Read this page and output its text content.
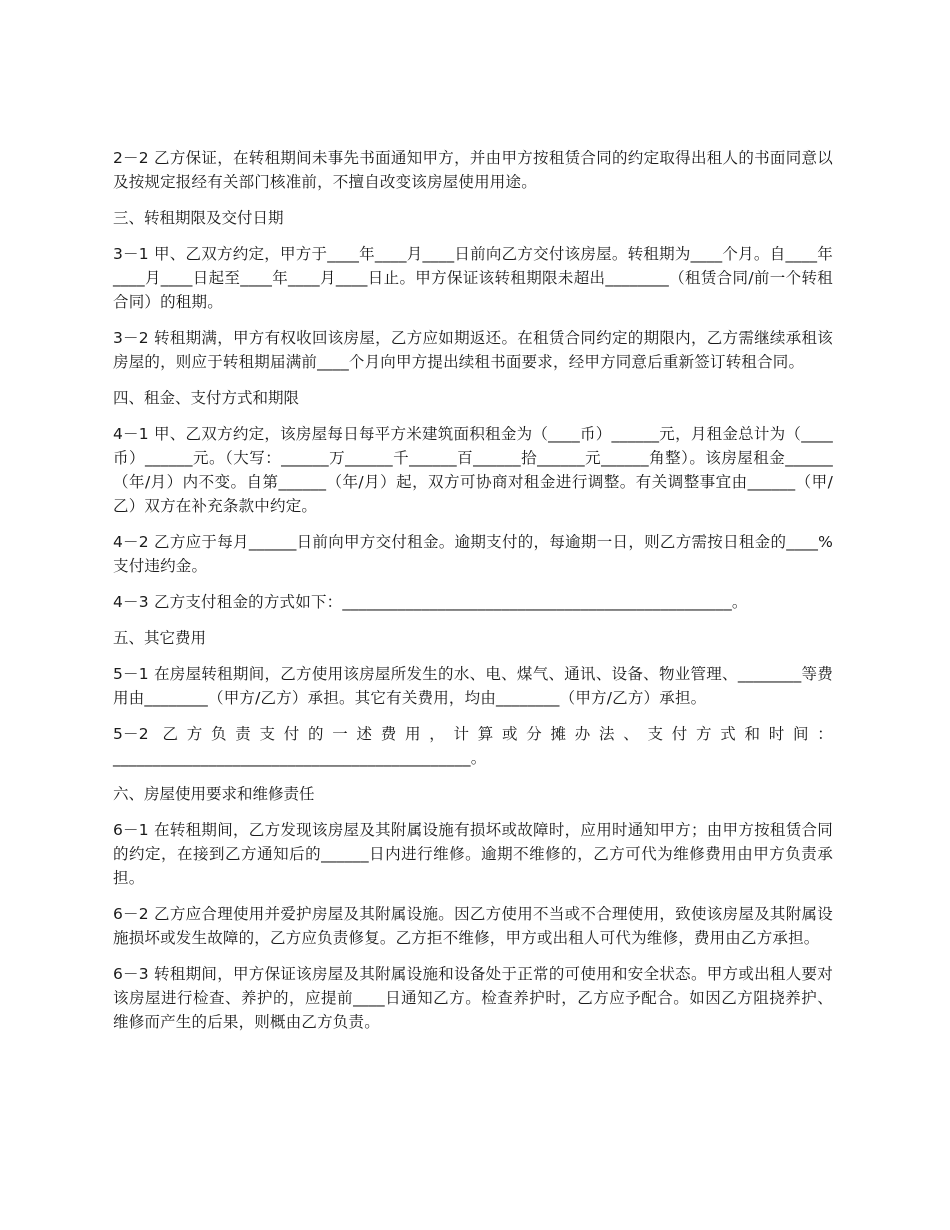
2－2 乙方保证，在转租期间未事先书面通知甲方，并由甲方按租赁合同的约定取得出租人的书面同意以及按规定报经有关部门核准前，不擅自改变该房屋使用用途。

三、转租期限及交付日期

3－1 甲、乙双方约定，甲方于____年____月____日前向乙方交付该房屋。转租期为____个月。自____年____月____日起至____年____月____日止。甲方保证该转租期限未超出________（租赁合同/前一个转租合同）的租期。

3－2 转租期满，甲方有权收回该房屋，乙方应如期返还。在租赁合同约定的期限内，乙方需继续承租该房屋的，则应于转租期届满前____个月向甲方提出续租书面要求，经甲方同意后重新签订转租合同。

四、租金、支付方式和期限

4－1 甲、乙双方约定，该房屋每日每平方米建筑面积租金为（____币）______元，月租金总计为（____币）______元。（大写：______万______千______百______拾______元______角整）。该房屋租金______（年/月）内不变。自第______（年/月）起，双方可协商对租金进行调整。有关调整事宜由______（甲/乙）双方在补充条款中约定。

4－2 乙方应于每月______日前向甲方交付租金。逾期支付的，每逾期一日，则乙方需按日租金的____%支付违约金。

4－3 乙方支付租金的方式如下：_________________________________________________。

五、其它费用

5－1 在房屋转租期间，乙方使用该房屋所发生的水、电、煤气、通讯、设备、物业管理、________等费用由________（甲方/乙方）承担。其它有关费用，均由________（甲方/乙方）承担。

5－2 乙方负责支付的一述费用，计算或分摊办法、支付方式和时间：_____________________________________________。

六、房屋使用要求和维修责任

6－1 在转租期间，乙方发现该房屋及其附属设施有损坏或故障时，应用时通知甲方；由甲方按租赁合同的约定，在接到乙方通知后的______日内进行维修。逾期不维修的，乙方可代为维修费用由甲方负责承担。

6－2 乙方应合理使用并爱护房屋及其附属设施。因乙方使用不当或不合理使用，致使该房屋及其附属设施损坏或发生故障的，乙方应负责修复。乙方拒不维修，甲方或出租人可代为维修，费用由乙方承担。

6－3 转租期间，甲方保证该房屋及其附属设施和设备处于正常的可使用和安全状态。甲方或出租人要对该房屋进行检查、养护的，应提前____日通知乙方。检查养护时，乙方应予配合。如因乙方阻挠养护、维修而产生的后果，则概由乙方负责。
